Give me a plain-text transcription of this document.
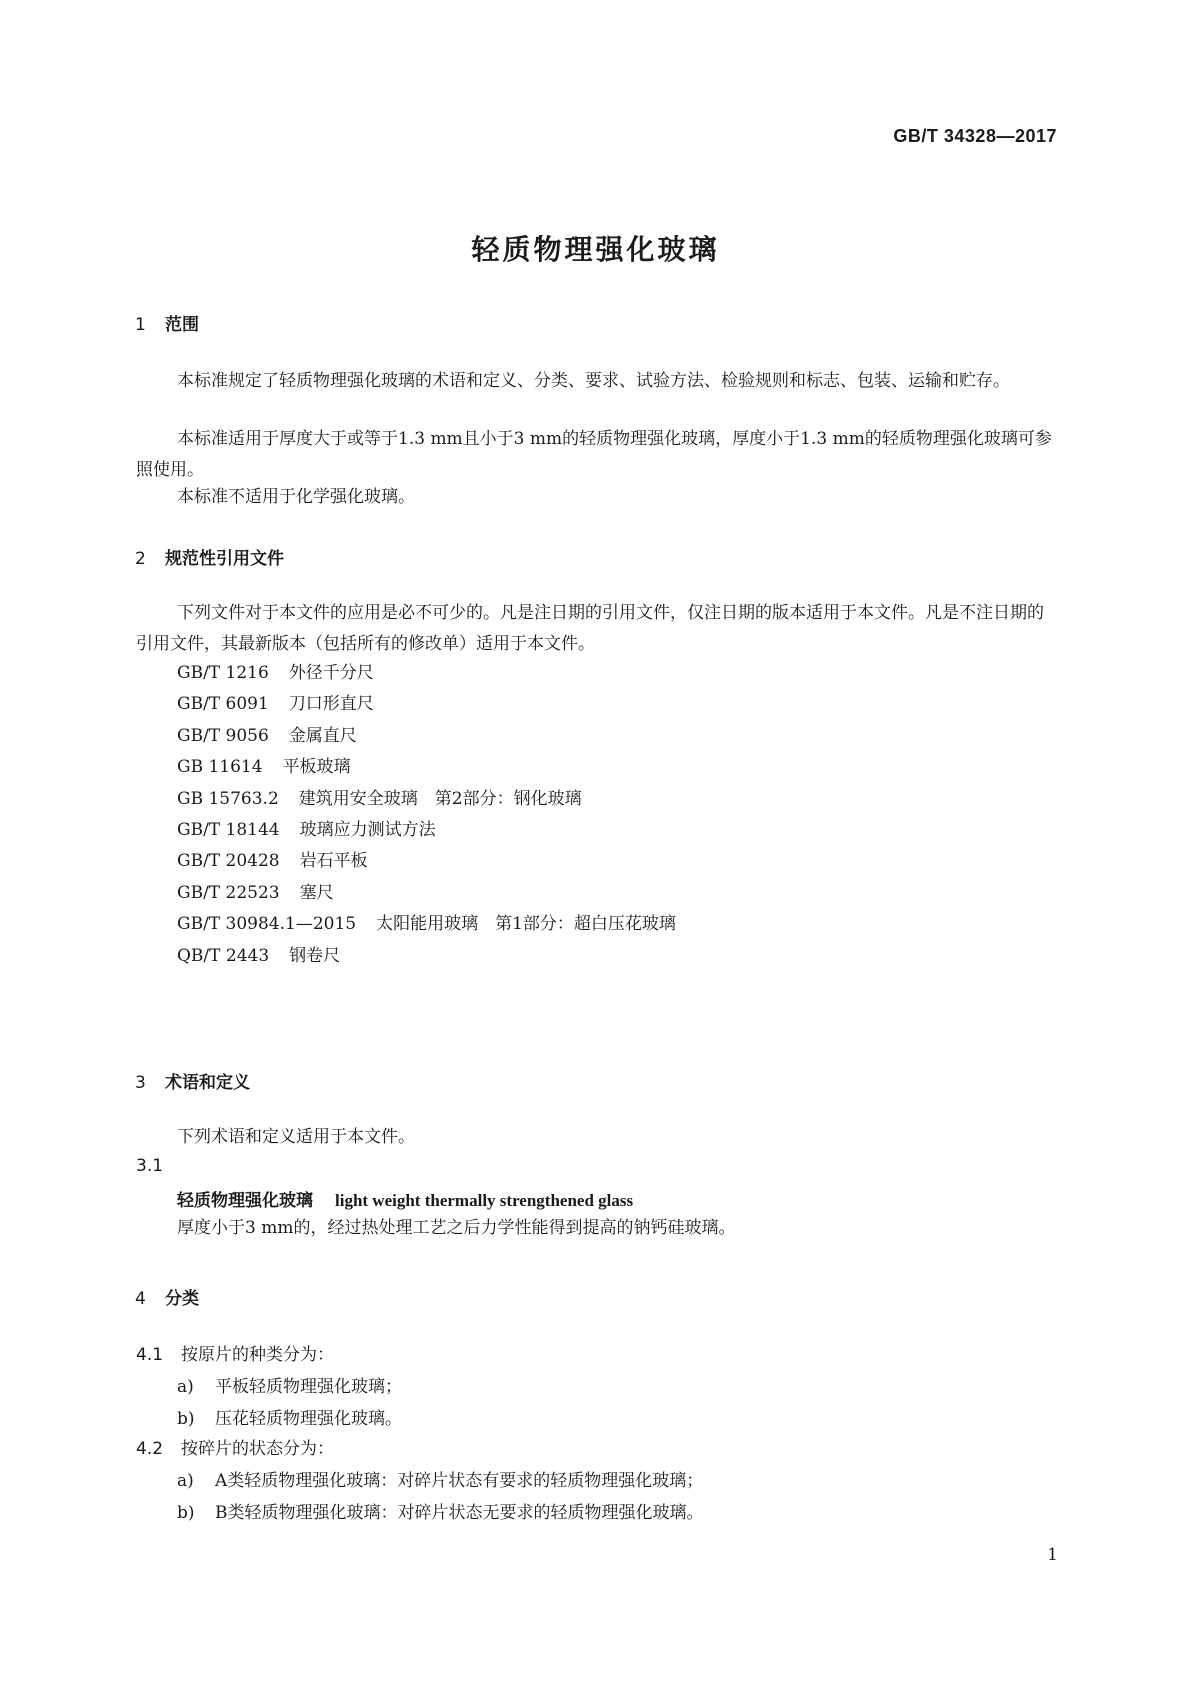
GB/T 34328—2017
轻质物理强化玻璃
1 范围
本标准规定了轻质物理强化玻璃的术语和定义、分类、要求、试验方法、检验规则和标志、包装、运输和贮存。
本标准适用于厚度大于或等于1.3 mm且小于3 mm的轻质物理强化玻璃，厚度小于1.3 mm的轻质物理强化玻璃可参照使用。
本标准不适用于化学强化玻璃。
2 规范性引用文件
下列文件对于本文件的应用是必不可少的。凡是注日期的引用文件，仅注日期的版本适用于本文件。凡是不注日期的引用文件，其最新版本（包括所有的修改单）适用于本文件。
GB/T 1216 外径千分尺
GB/T 6091 刀口形直尺
GB/T 9056 金属直尺
GB 11614 平板玻璃
GB 15763.2 建筑用安全玻璃　第2部分：钢化玻璃
GB/T 18144 玻璃应力测试方法
GB/T 20428 岩石平板
GB/T 22523 塞尺
GB/T 30984.1—2015 太阳能用玻璃　第1部分：超白压花玻璃
QB/T 2443 钢卷尺
3 术语和定义
下列术语和定义适用于本文件。
3.1
轻质物理强化玻璃 light weight thermally strengthened glass
厚度小于3 mm的，经过热处理工艺之后力学性能得到提高的钠钙硅玻璃。
4 分类
4.1 按原片的种类分为：
a) 平板轻质物理强化玻璃；
b) 压花轻质物理强化玻璃。
4.2 按碎片的状态分为：
a) A类轻质物理强化玻璃：对碎片状态有要求的轻质物理强化玻璃；
b) B类轻质物理强化玻璃：对碎片状态无要求的轻质物理强化玻璃。
1
